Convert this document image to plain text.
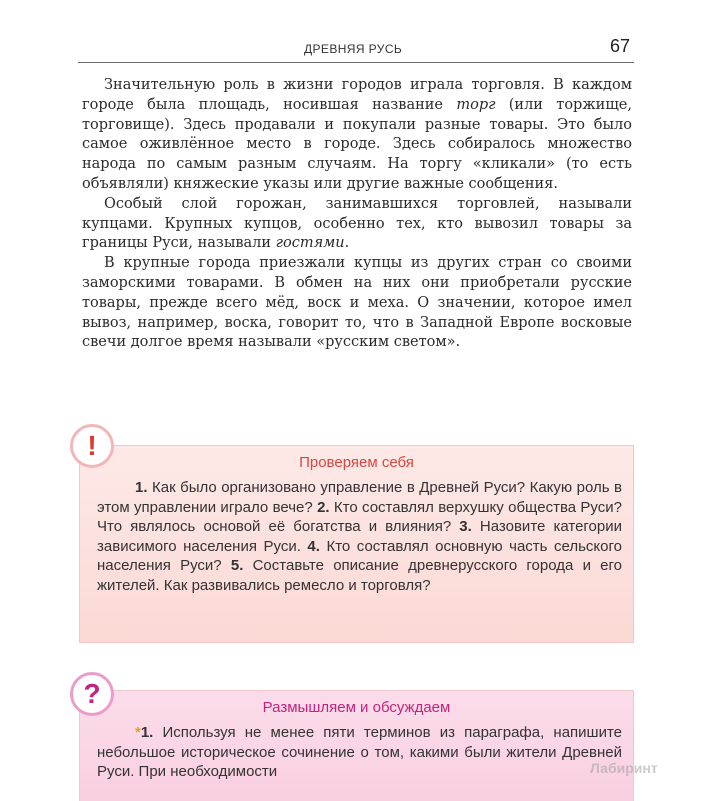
ДРЕВНЯЯ РУСЬ	67

Значительную роль в жизни городов играла торговля. В каждом городе была площадь, носившая название торг (или торжище, торговище). Здесь продавали и покупали разные товары. Это было самое оживлённое место в городе. Здесь собиралось множество народа по самым разным случаям. На торгу «кликали» (то есть объявляли) княжеские указы или другие важные сообщения.

Особый слой горожан, занимавшихся торговлей, называли купцами. Крупных купцов, особенно тех, кто вывозил товары за границы Руси, называли гостями.

В крупные города приезжали купцы из других стран со своими заморскими товарами. В обмен на них они приобретали русские товары, прежде всего мёд, воск и меха. О значении, которое имел вывоз, например, воска, говорит то, что в Западной Европе восковые свечи долгое время называли «русским светом».

Проверяем себя

1. Как было организовано управление в Древней Руси? Какую роль в этом управлении играло вече? 2. Кто составлял верхушку общества Руси? Что являлось основой её богатства и влияния? 3. Назовите категории зависимого населения Руси. 4. Кто составлял основную часть сельского населения Руси? 5. Составьте описание древнерусского города и его жителей. Как развивались ремесло и торговля?

!
Размышляем и обсуждаем

*1. Используя не менее пяти терминов из параграфа, напишите небольшое историческое сочинение о том, какими были жители Древней Руси. При необходимости

?
Лабиринт
